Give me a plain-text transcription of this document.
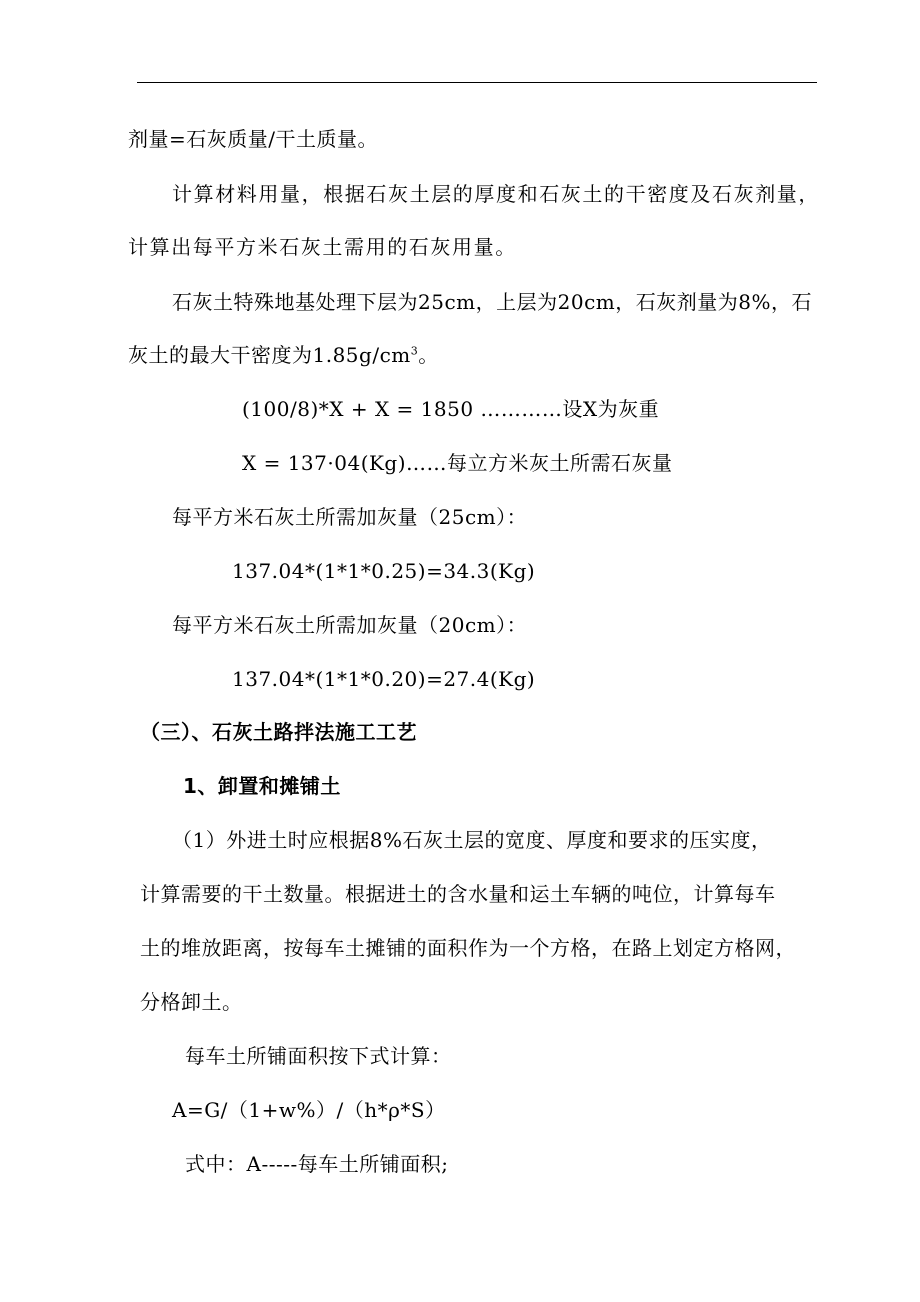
剂量=石灰质量/干土质量。
计算材料用量，根据石灰土层的厚度和石灰土的干密度及石灰剂量，
计算出每平方米石灰土需用的石灰用量。
石灰土特殊地基处理下层为25cm，上层为20cm，石灰剂量为8%，石
灰土的最大干密度为$1.85g/cm^3$。
(100/8)*X + X = 1850 …………设X为灰重
X = 137·04(Kg)……每立方米灰土所需石灰量
每平方米石灰土所需加灰量（25cm）：
137.04*(1*1*0.25)=34.3(Kg)
每平方米石灰土所需加灰量（20cm）：
137.04*(1*1*0.20)=27.4(Kg)
（三）、石灰土路拌法施工工艺
1、卸置和摊铺土
（1）外进土时应根据8%石灰土层的宽度、厚度和要求的压实度，
计算需要的干土数量。根据进土的含水量和运土车辆的吨位，计算每车
土的堆放距离，按每车土摊铺的面积作为一个方格，在路上划定方格网，
分格卸土。
每车土所铺面积按下式计算：
A=G/（1+w%）/（h*ρ*S）
式中：A-----每车土所铺面积;
